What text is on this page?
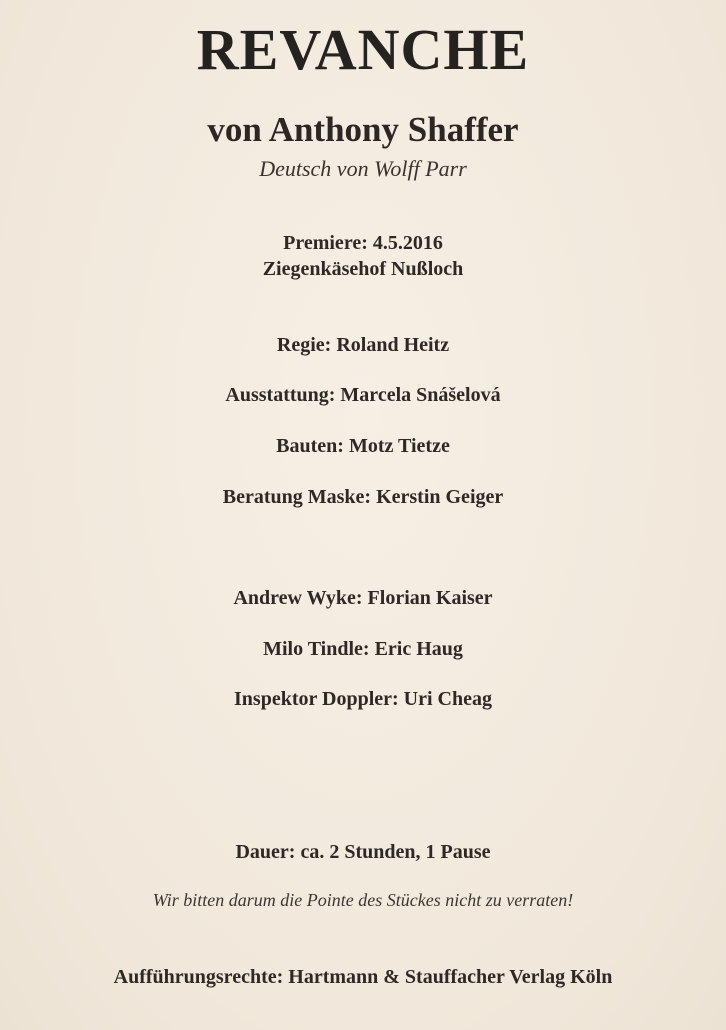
REVANCHE
von Anthony Shaffer
Deutsch von Wolff Parr
Premiere: 4.5.2016
Ziegenkäsehof Nußloch
Regie: Roland Heitz
Ausstattung: Marcela Snášelová
Bauten: Motz Tietze
Beratung Maske: Kerstin Geiger
Andrew Wyke: Florian Kaiser
Milo Tindle: Eric Haug
Inspektor Doppler: Uri Cheag
Dauer: ca. 2 Stunden, 1 Pause
Wir bitten darum die Pointe des Stückes nicht zu verraten!
Aufführungsrechte: Hartmann & Stauffacher Verlag Köln
